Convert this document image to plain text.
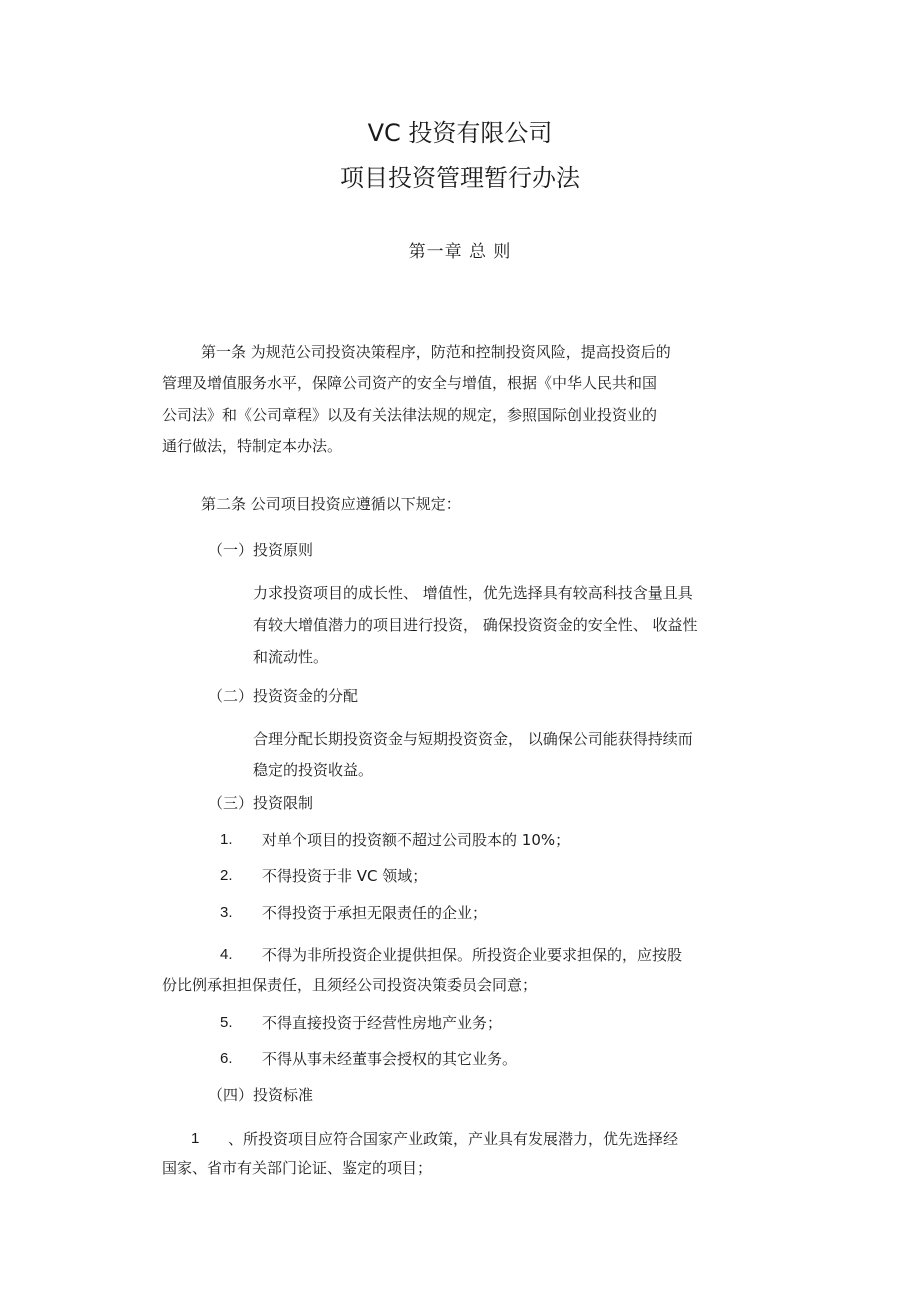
VC 投资有限公司
项目投资管理暂行办法
第一章 总 则
第一条 为规范公司投资决策程序，防范和控制投资风险，提高投资后的
管理及增值服务水平，保障公司资产的安全与增值，根据《中华人民共和国
公司法》和《公司章程》以及有关法律法规的规定，参照国际创业投资业的
通行做法，特制定本办法。
第二条 公司项目投资应遵循以下规定：
（一）投资原则
力求投资项目的成长性、 增值性，优先选择具有较高科技含量且具
有较大增值潜力的项目进行投资， 确保投资资金的安全性、 收益性
和流动性。
（二）投资资金的分配
合理分配长期投资资金与短期投资资金， 以确保公司能获得持续而
稳定的投资收益。
（三）投资限制
1. 对单个项目的投资额不超过公司股本的 10%；
2. 不得投资于非 VC 领域；
3. 不得投资于承担无限责任的企业；
4. 不得为非所投资企业提供担保。所投资企业要求担保的，应按股
份比例承担担保责任，且须经公司投资决策委员会同意；
5. 不得直接投资于经营性房地产业务；
6. 不得从事未经董事会授权的其它业务。
（四）投资标准
1 、所投资项目应符合国家产业政策，产业具有发展潜力，优先选择经
国家、省市有关部门论证、鉴定的项目；
